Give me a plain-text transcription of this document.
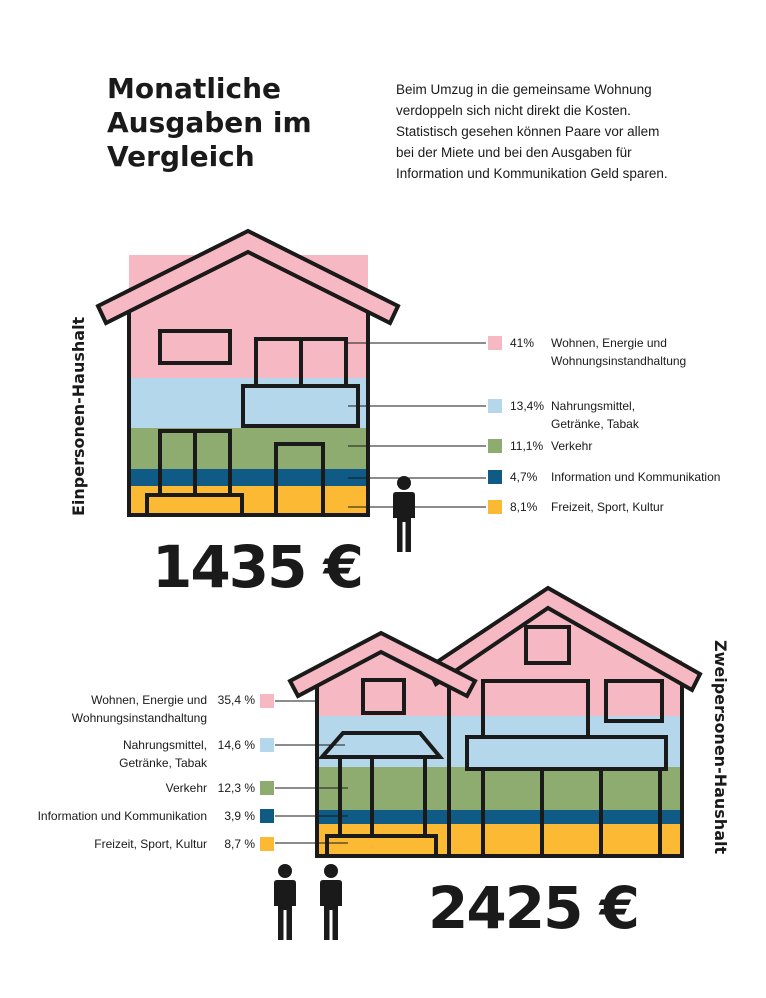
Monatliche Ausgaben im Vergleich

Beim Umzug in die gemeinsame Wohnung verdoppeln sich nicht direkt die Kosten. Statistisch gesehen können Paare vor allem bei der Miete und bei den Ausgaben für Information und Kommunikation Geld sparen.

Einpersonen-Haushalt
Zweipersonen-Haushalt
41% Wohnen, Energie und Wohnungsinstandhaltung
13,4% Nahrungsmittel, Getränke, Tabak
11,1% Verkehr
4,7% Information und Kommunikation
8,1% Freizeit, Sport, Kultur
35,4 %
Wohnen, Energie und Wohnungsinstandhaltung
14,6 %
Nahrungsmittel, Getränke, Tabak
12,3 %
Verkehr
3,9 %
Information und Kommunikation
8,7 %
Freizeit, Sport, Kultur
1435 €
2425 €
